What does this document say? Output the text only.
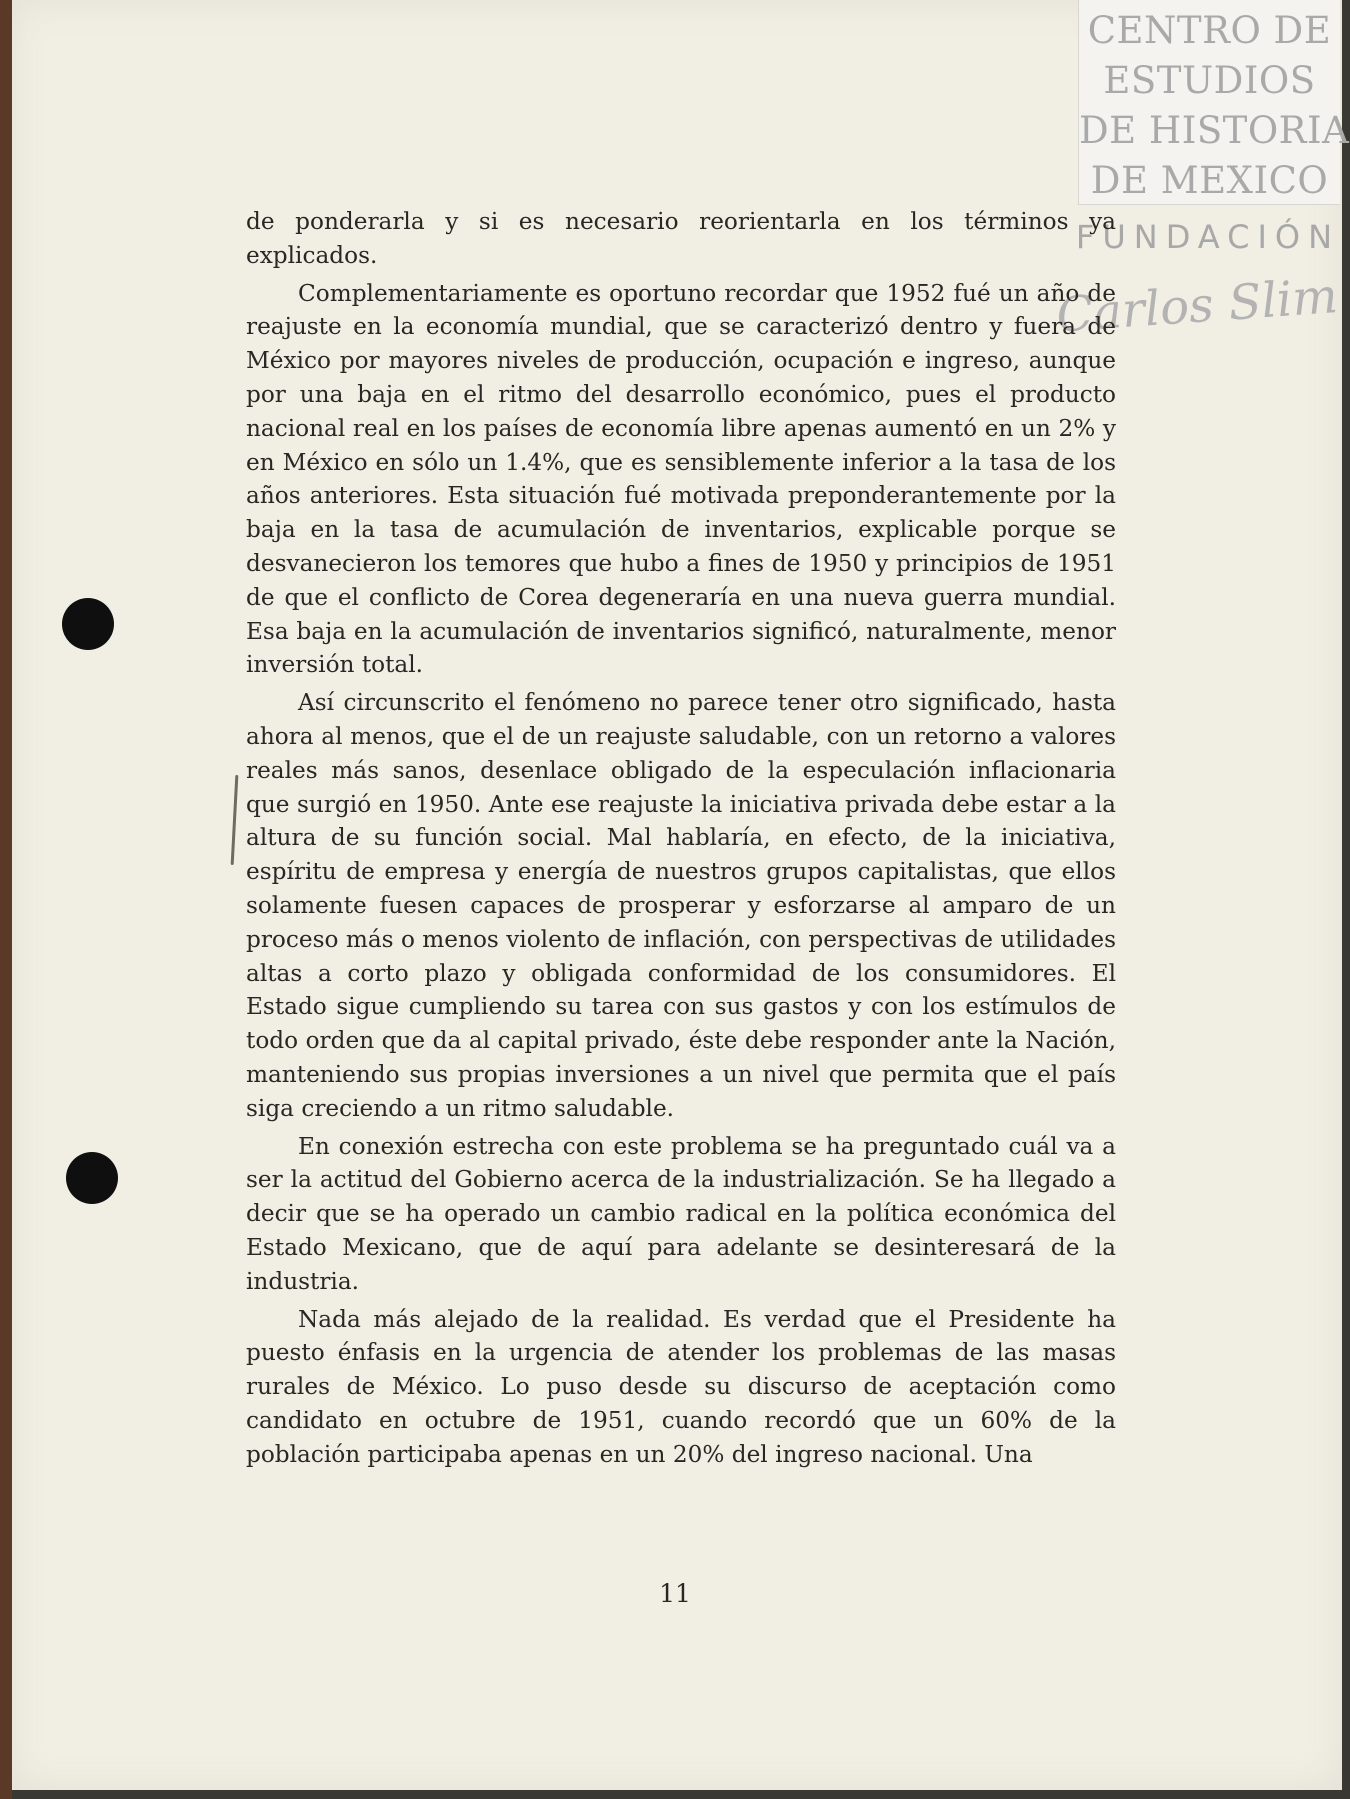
CENTRO DE
ESTUDIOS
DE HISTORIA
DE MEXICO
FUNDACIÓN
Carlos Slim

de ponderarla y si es necesario reorientarla en los términos ya explicados.

Complementariamente es oportuno recordar que 1952 fué un año de reajuste en la economía mundial, que se caracterizó dentro y fuera de México por mayores niveles de producción, ocupación e ingreso, aunque por una baja en el ritmo del desarrollo económico, pues el producto nacional real en los países de economía libre apenas aumentó en un 2% y en México en sólo un 1.4%, que es sensiblemente inferior a la tasa de los años anteriores. Esta situación fué motivada preponderantemente por la baja en la tasa de acumulación de inventarios, explicable porque se desvanecieron los temores que hubo a fines de 1950 y principios de 1951 de que el conflicto de Corea degeneraría en una nueva guerra mundial. Esa baja en la acumulación de inventarios significó, naturalmente, menor inversión total.

Así circunscrito el fenómeno no parece tener otro significado, hasta ahora al menos, que el de un reajuste saludable, con un retorno a valores reales más sanos, desenlace obligado de la especulación inflacionaria que surgió en 1950. Ante ese reajuste la iniciativa privada debe estar a la altura de su función social. Mal hablaría, en efecto, de la iniciativa, espíritu de empresa y energía de nuestros grupos capitalistas, que ellos solamente fuesen capaces de prosperar y esforzarse al amparo de un proceso más o menos violento de inflación, con perspectivas de utilidades altas a corto plazo y obligada conformidad de los consumidores. El Estado sigue cumpliendo su tarea con sus gastos y con los estímulos de todo orden que da al capital privado, éste debe responder ante la Nación, manteniendo sus propias inversiones a un nivel que permita que el país siga creciendo a un ritmo saludable.

En conexión estrecha con este problema se ha preguntado cuál va a ser la actitud del Gobierno acerca de la industrialización. Se ha llegado a decir que se ha operado un cambio radical en la política económica del Estado Mexicano, que de aquí para adelante se desinteresará de la industria.

Nada más alejado de la realidad. Es verdad que el Presidente ha puesto énfasis en la urgencia de atender los problemas de las masas rurales de México. Lo puso desde su discurso de aceptación como candidato en octubre de 1951, cuando recordó que un 60% de la población participaba apenas en un 20% del ingreso nacional. Una

11
